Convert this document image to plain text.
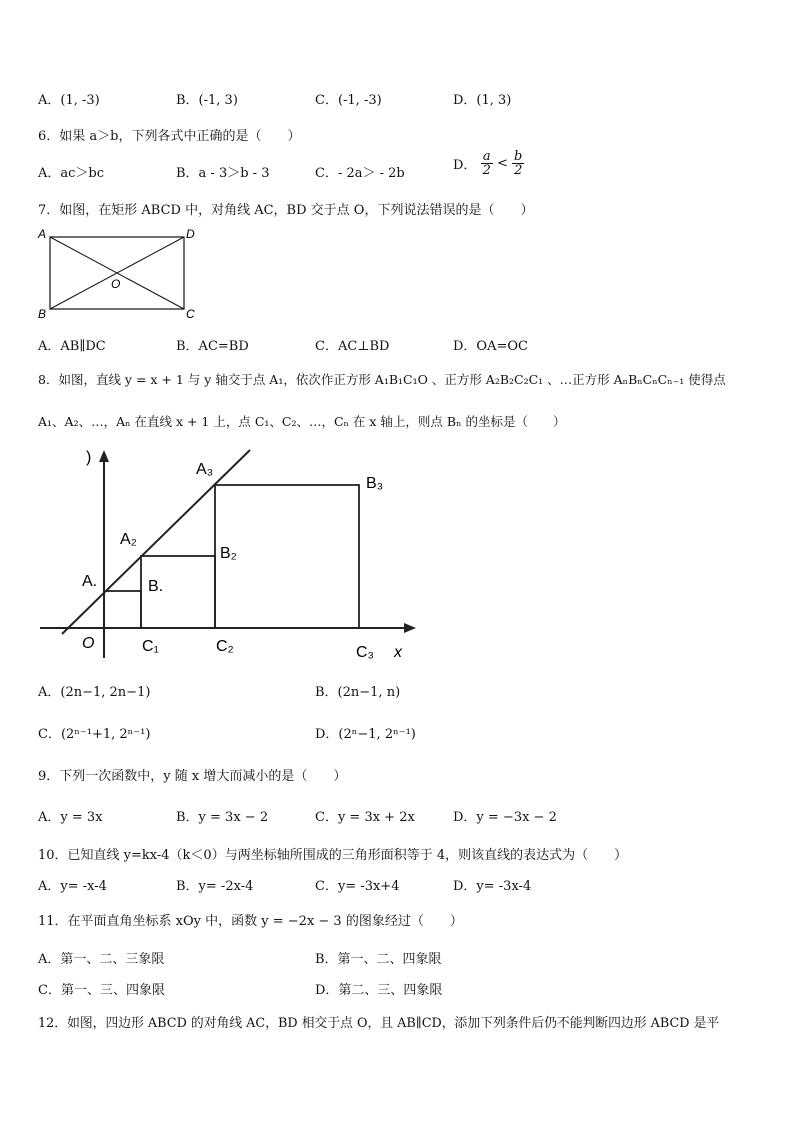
A．(1, -3)	B．(-1, 3)	C．(-1, -3)	D．(1, 3)
6．如果 a＞b，下列各式中正确的是（　　）
A．ac＞bc	B．a - 3＞b - 3	C．- 2a＞ - 2b
D． $\frac{a}{2} < \frac{b}{2}$
7．如图，在矩形 ABCD 中，对角线 AC，BD 交于点 O，下列说法错误的是（　　）
A	D
B	C
O
A．AB∥DC	B．AC=BD	C．AC⊥BD	D．OA=OC
8．如图，直线 y = x + 1 与 y 轴交于点 A₁，依次作正方形 A₁B₁C₁O 、正方形 A₂B₂C₂C₁ 、…正方形 AₙBₙCₙCₙ₋₁ 使得点
A₁、A₂、…，Aₙ 在直线 x + 1 上，点 C₁、C₂、…，Cₙ 在 x 轴上，则点 Bₙ 的坐标是（　　）
)
A.
A₂
A₃
B.
B₂
B₃
O	C₁	C₂	C₃ x
A．(2n−1, 2n−1)	B．(2n−1, n)
C．(2ⁿ⁻¹+1, 2ⁿ⁻¹)	D．(2ⁿ−1, 2ⁿ⁻¹)
9．下列一次函数中，y 随 x 增大而减小的是（　　）
A．y = 3x	B．y = 3x − 2	C．y = 3x + 2x	D．y = −3x − 2
10．已知直线 y=kx-4（k＜0）与两坐标轴所围成的三角形面积等于 4，则该直线的表达式为（　　）
A．y= -x-4	B．y= -2x-4	C．y= -3x+4	D．y= -3x-4
11．在平面直角坐标系 xOy 中，函数 y = −2x − 3 的图象经过（　　）
A．第一、二、三象限	B．第一、二、四象限
C．第一、三、四象限	D．第二、三、四象限
12．如图，四边形 ABCD 的对角线 AC，BD 相交于点 O，且 AB∥CD，添加下列条件后仍不能判断四边形 ABCD 是平
